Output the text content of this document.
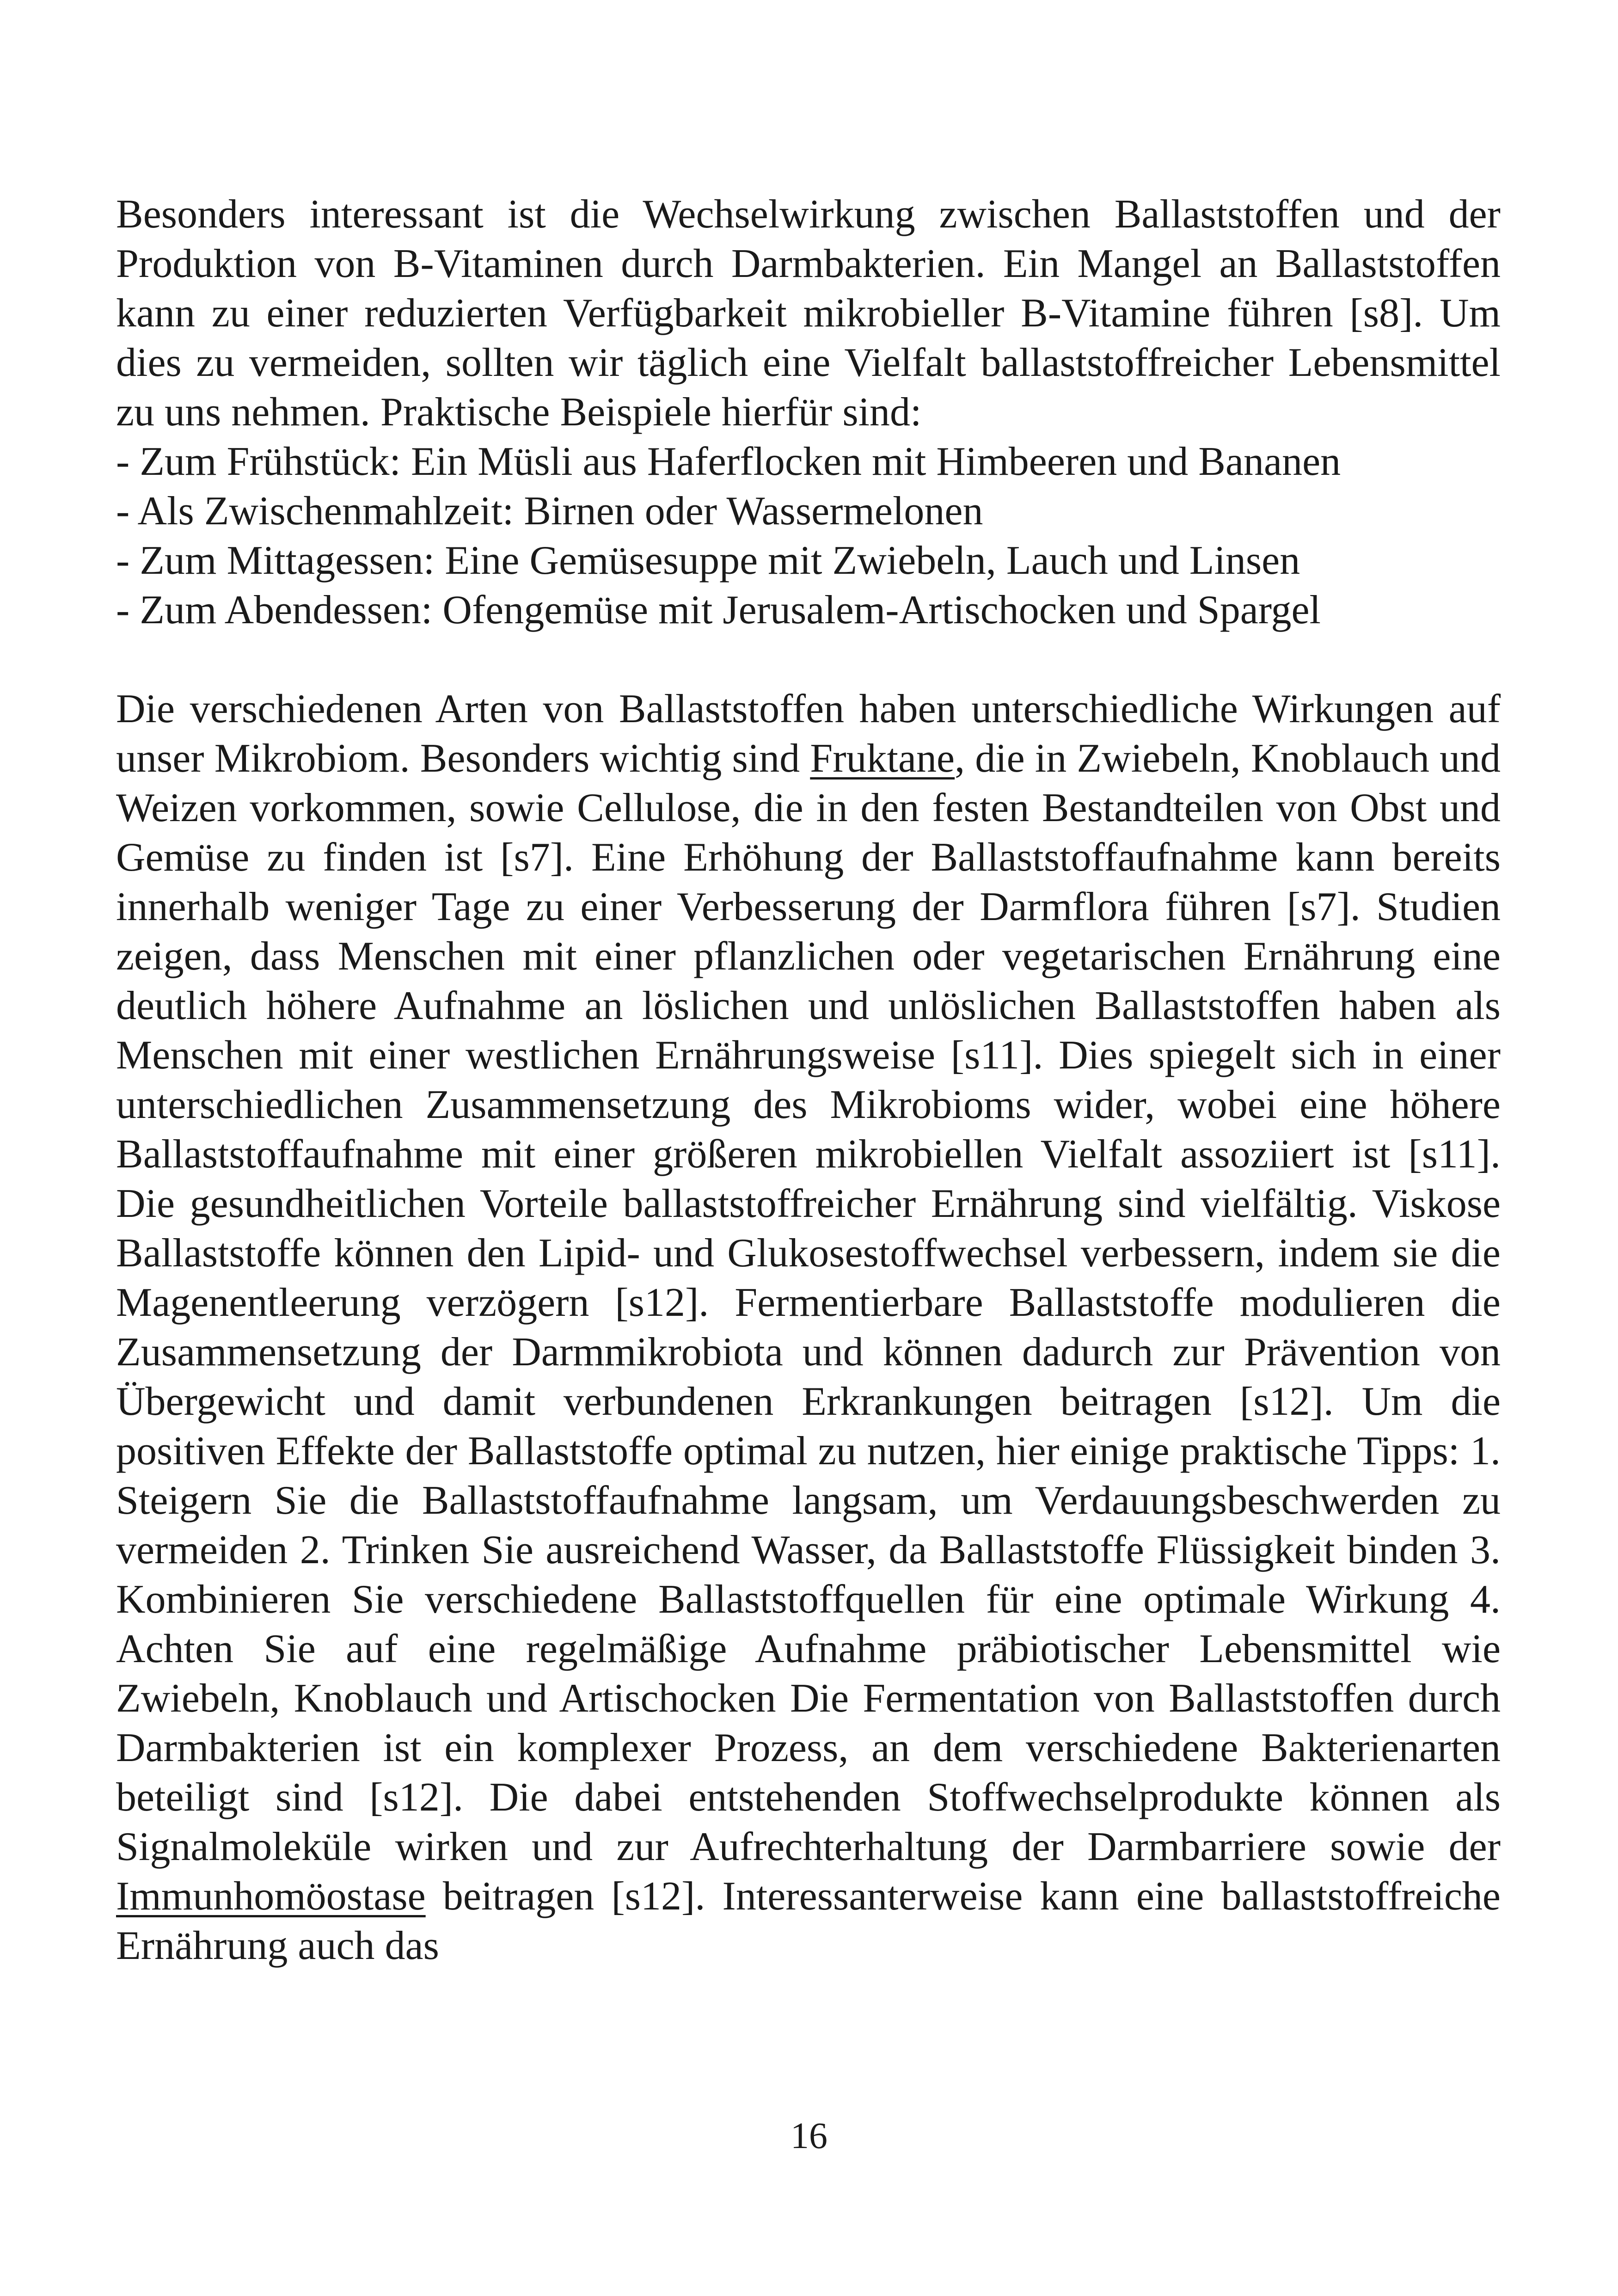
Besonders interessant ist die Wechselwirkung zwischen Ballaststoffen und der Produktion von B-Vitaminen durch Darmbakterien. Ein Mangel an Ballaststoffen kann zu einer reduzierten Verfügbarkeit mikrobieller B-Vitamine führen [s8]. Um dies zu vermeiden, sollten wir täglich eine Vielfalt ballaststoffreicher Lebensmittel zu uns nehmen. Praktische Beispiele hierfür sind:

- Zum Frühstück: Ein Müsli aus Haferflocken mit Himbeeren und Bananen
- Als Zwischenmahlzeit: Birnen oder Wassermelonen
- Zum Mittagessen: Eine Gemüsesuppe mit Zwiebeln, Lauch und Linsen
- Zum Abendessen: Ofengemüse mit Jerusalem-Artischocken und Spargel

Die verschiedenen Arten von Ballaststoffen haben unterschiedliche Wirkungen auf unser Mikrobiom. Besonders wichtig sind Fruktane, die in Zwiebeln, Knoblauch und Weizen vorkommen, sowie Cellulose, die in den festen Bestandteilen von Obst und Gemüse zu finden ist [s7]. Eine Erhöhung der Ballaststoffaufnahme kann bereits innerhalb weniger Tage zu einer Verbesserung der Darmflora führen [s7]. Studien zeigen, dass Menschen mit einer pflanzlichen oder vegetarischen Ernährung eine deutlich höhere Aufnahme an löslichen und unlöslichen Ballaststoffen haben als Menschen mit einer westlichen Ernährungsweise [s11]. Dies spiegelt sich in einer unterschiedlichen Zusammensetzung des Mikrobioms wider, wobei eine höhere Ballaststoffaufnahme mit einer größeren mikrobiellen Vielfalt assoziiert ist [s11]. Die gesundheitlichen Vorteile ballaststoffreicher Ernährung sind vielfältig. Viskose Ballaststoffe können den Lipid- und Glukosestoffwechsel verbessern, indem sie die Magenentleerung verzögern [s12]. Fermentierbare Ballaststoffe modulieren die Zusammensetzung der Darmmikrobiota und können dadurch zur Prävention von Übergewicht und damit verbundenen Erkrankungen beitragen [s12]. Um die positiven Effekte der Ballaststoffe optimal zu nutzen, hier einige praktische Tipps: 1. Steigern Sie die Ballaststoffaufnahme langsam, um Verdauungsbeschwerden zu vermeiden 2. Trinken Sie ausreichend Wasser, da Ballaststoffe Flüssigkeit binden 3. Kombinieren Sie verschiedene Ballaststoffquellen für eine optimale Wirkung 4. Achten Sie auf eine regelmäßige Aufnahme präbiotischer Lebensmittel wie Zwiebeln, Knoblauch und Artischocken Die Fermentation von Ballaststoffen durch Darmbakterien ist ein komplexer Prozess, an dem verschiedene Bakterienarten beteiligt sind [s12]. Die dabei entstehenden Stoffwechselprodukte können als Signalmoleküle wirken und zur Aufrechterhaltung der Darmbarriere sowie der Immunhomöostase beitragen [s12]. Interessanterweise kann eine ballaststoffreiche Ernährung auch das

16
